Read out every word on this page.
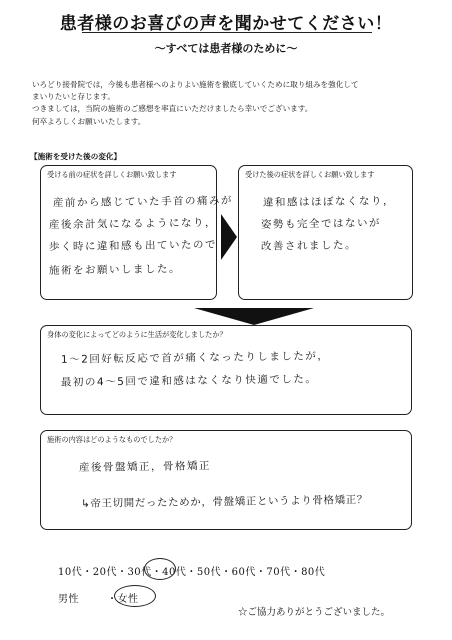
患者様のお喜びの声を聞かせてください！
～すべては患者様のために～
いろどり接骨院では，今後も患者様へのよりよい施術を徹底していくために取り組みを強化して
まいりたいと存じます。
つきましては，当院の施術のご感想を率直にいただけましたら幸いでございます。
何卒よろしくお願いいたします。
【施術を受けた後の変化】
受ける前の症状を詳しくお願い致します
産前から感じていた手首の痛みが
産後余計気になるようになり，
歩く時に違和感も出ていたので
施術をお願いしました。
受けた後の症状を詳しくお願い致します
違和感はほぼなくなり，
姿勢も完全ではないが
改善されました。
身体の変化によってどのように生活が変化しましたか？
1～2回好転反応で首が痛くなったりしましたが，
最初の4～5回で違和感はなくなり快適でした。
施術の内容はどのようなものでしたか？
産後骨盤矯正，骨格矯正
↳帝王切開だったためか，骨盤矯正というより骨格矯正？
10代・20代・30代・40代・50代・60代・70代・80代
男性	・女性
☆ご協力ありがとうございました。
